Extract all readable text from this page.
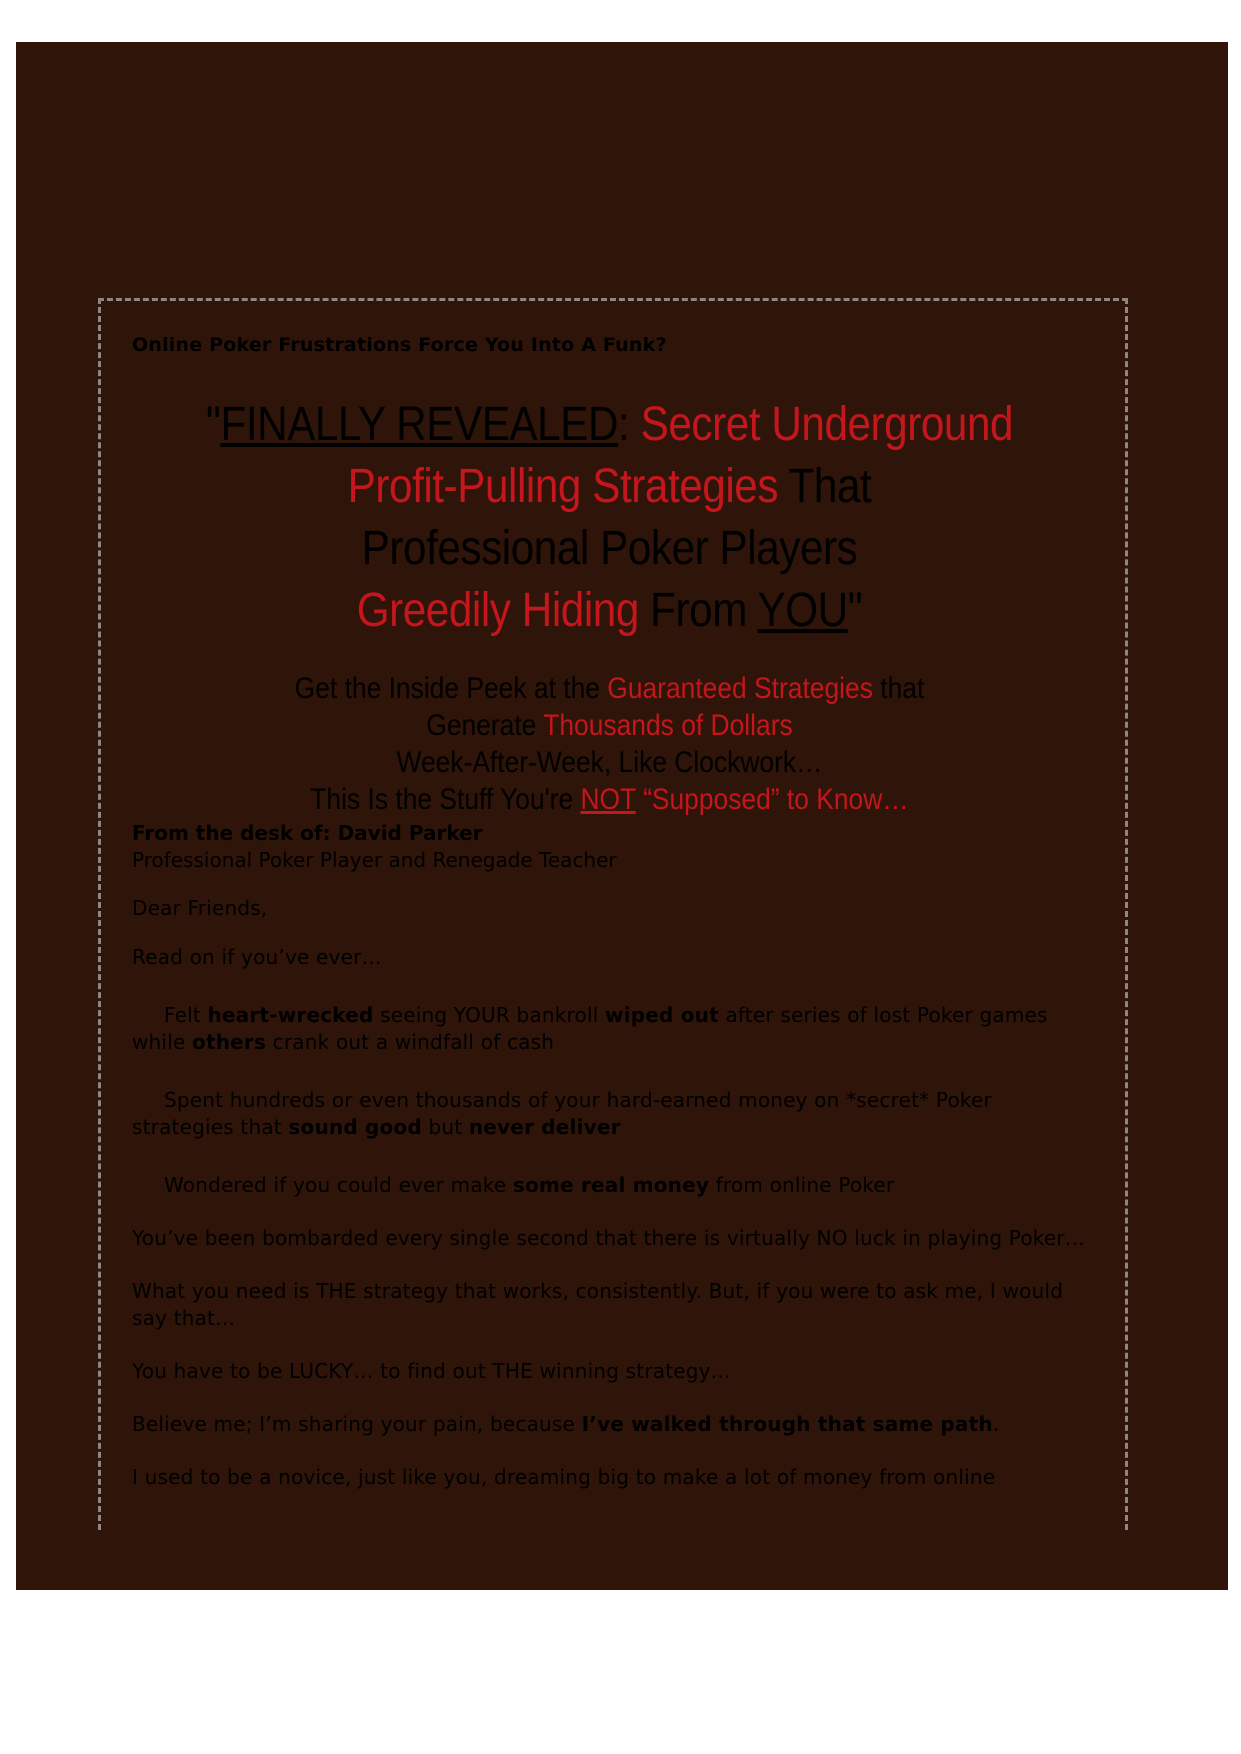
Online Poker Frustrations Force You Into A Funk?
"FINALLY REVEALED: Secret Underground
Profit-Pulling Strategies That
Professional Poker Players
Greedily Hiding From YOU"
Get the Inside Peek at the Guaranteed Strategies that
Generate Thousands of Dollars
Week-After-Week, Like Clockwork…
This Is the Stuff You're NOT “Supposed” to Know…
From the desk of: David Parker
Professional Poker Player and Renegade Teacher

Dear Friends,

Read on if you’ve ever…

Felt heart-wrecked seeing YOUR bankroll wiped out after series of lost Poker games while others crank out a windfall of cash

Spent hundreds or even thousands of your hard-earned money on *secret* Poker strategies that sound good but never deliver

Wondered if you could ever make some real money from online Poker

You’ve been bombarded every single second that there is virtually NO luck in playing Poker…

What you need is THE strategy that works, consistently. But, if you were to ask me, I would say that…

You have to be LUCKY… to find out THE winning strategy…

Believe me; I’m sharing your pain, because I’ve walked through that same path.

I used to be a novice, just like you, dreaming big to make a lot of money from online
